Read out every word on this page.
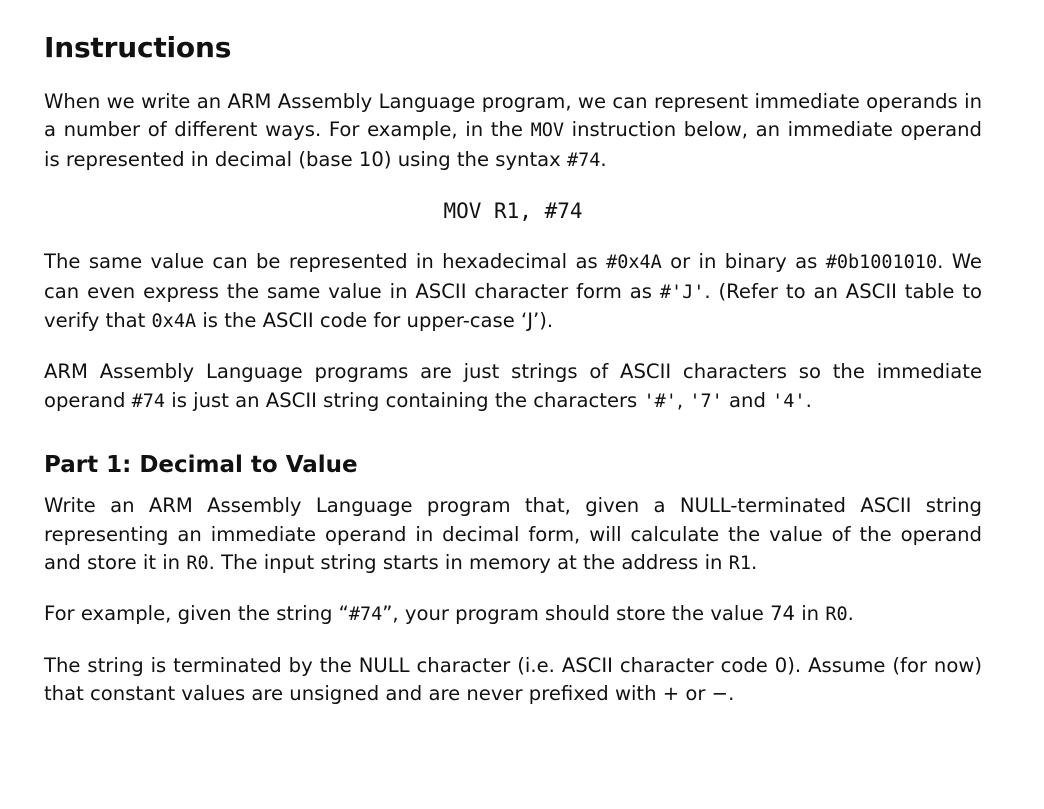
Instructions

When we write an ARM Assembly Language program, we can represent immediate operands in a number of different ways. For example, in the MOV instruction below, an immediate operand is represented in decimal (base 10) using the syntax #74.

MOV R1, #74

The same value can be represented in hexadecimal as #0x4A or in binary as #0b1001010. We can even express the same value in ASCII character form as #'J'. (Refer to an ASCII table to verify that 0x4A is the ASCII code for upper-case ‘J’).

ARM Assembly Language programs are just strings of ASCII characters so the immediate operand #74 is just an ASCII string containing the characters '#', '7' and '4'.

Part 1: Decimal to Value

Write an ARM Assembly Language program that, given a NULL-terminated ASCII string representing an immediate operand in decimal form, will calculate the value of the operand and store it in R0. The input string starts in memory at the address in R1.

For example, given the string “#74”, your program should store the value 74 in R0.

The string is terminated by the NULL character (i.e. ASCII character code 0). Assume (for now) that constant values are unsigned and are never prefixed with + or −.
